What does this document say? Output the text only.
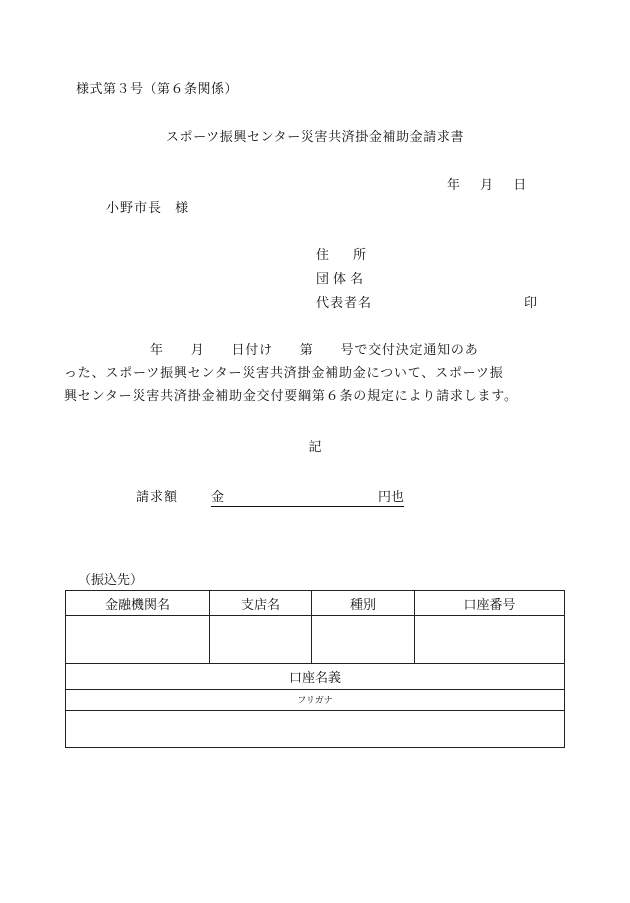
様式第３号（第６条関係）
スポーツ振興センター災害共済掛金補助金請求書
年 月 日
小野市長 様
住 所
団体名
代表者名	印
年 月 日付け 第 号で交付決定通知のあ
った、スポーツ振興センター災害共済掛金補助金について、スポーツ振
興センター災害共済掛金補助金交付要綱第６条の規定により請求します。
記
請求額	金	円也
（振込先）
金融機関名	支店名	種別	口座番号

口座名義			
フリガナ			
